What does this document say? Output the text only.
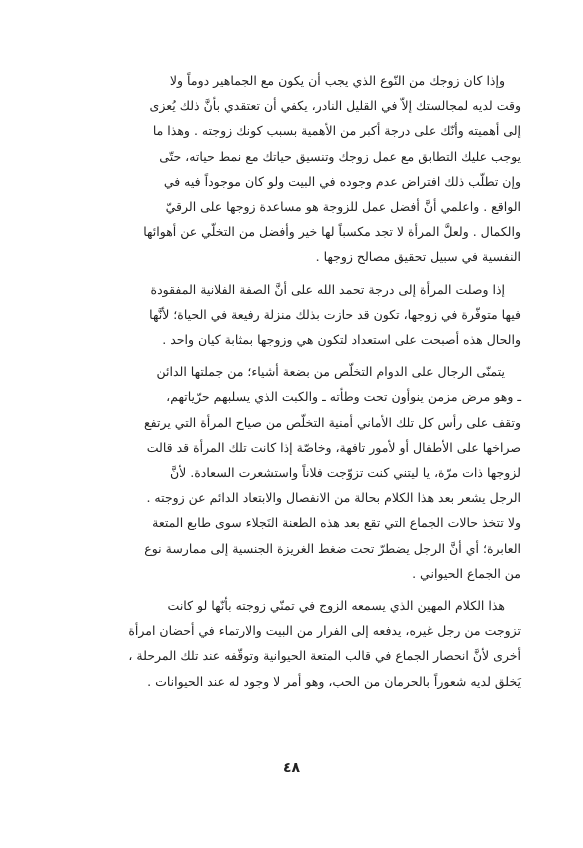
وإذا كان زوجك من النّوع الذي يجب أن يكون مع الجماهير دوماً ولا
وقت لديه لمجالستك إلاّ في القليل النادر، يكفي أن تعتقدي بأنَّ ذلك يُعزى
إلى أهميته وأنّك على درجة أكبر من الأهمية بسبب كونك زوجته . وهذا ما
يوجب عليك التطابق مع عمل زوجك وتنسيق حياتك مع نمط حياته، حتّى
وإن تطلّب ذلك افتراض عدم وجوده في البيت ولو كان موجوداً فيه في
الواقع . واعلمي أنَّ أفضل عمل للزوجة هو مساعدة زوجها على الرقيّ
والكمال . ولعلَّ المرأة لا تجد مكسباً لها خير وأفضل من التخلّي عن أهوائها
النفسية في سبيل تحقيق مصالح زوجها .

إذا وصلت المرأة إلى درجة تحمد الله على أنَّ الصفة الفلانية المفقودة
فيها متوفّرة في زوجها، تكون قد حازت بذلك منزلة رفيعة في الحياة؛ لأنَّها
والحال هذه أصبحت على استعداد لتكون هي وزوجها بمثابة كيان واحد .

يتمنّى الرجال على الدوام التخلّص من بضعة أشياء؛ من جملتها الدائن
ـ وهو مرض مزمن ينوأون تحت وطأته ـ والكبت الذي يسلبهم حرّياتهم،
وتقف على رأس كل تلك الأماني أمنية التخلّص من صياح المرأة التي يرتفع
صراخها على الأطفال أو لأمور تافهة، وخاصّة إذا كانت تلك المرأة قد قالت
لزوجها ذات مرّة، يا ليتني كنت تزوّجت فلاناً واستشعرت السعادة. لأنَّ
الرجل يشعر بعد هذا الكلام بحالة من الانفصال والابتعاد الدائم عن زوجته .
ولا تتخذ حالات الجماع التي تقع بعد هذه الطعنة النَجلاء سوى طابع المتعة
العابرة؛ أي أنَّ الرجل يضطرّ تحت ضغط الغريزة الجنسية إلى ممارسة نوع
من الجماع الحيواني .

هذا الكلام المهين الذي يسمعه الزوج في تمنّي زوجته بأنّها لو كانت
تزوجت من رجل غيره، يدفعه إلى الفرار من البيت والارتماء في أحضان امرأة
أخرى لأنَّ انحصار الجماع في قالب المتعة الحيوانية وتوقّفه عند تلك المرحلة ،
يَخلق لديه شعوراً بالحرمان من الحب، وهو أمر لا وجود له عند الحيوانات .

٤٨
